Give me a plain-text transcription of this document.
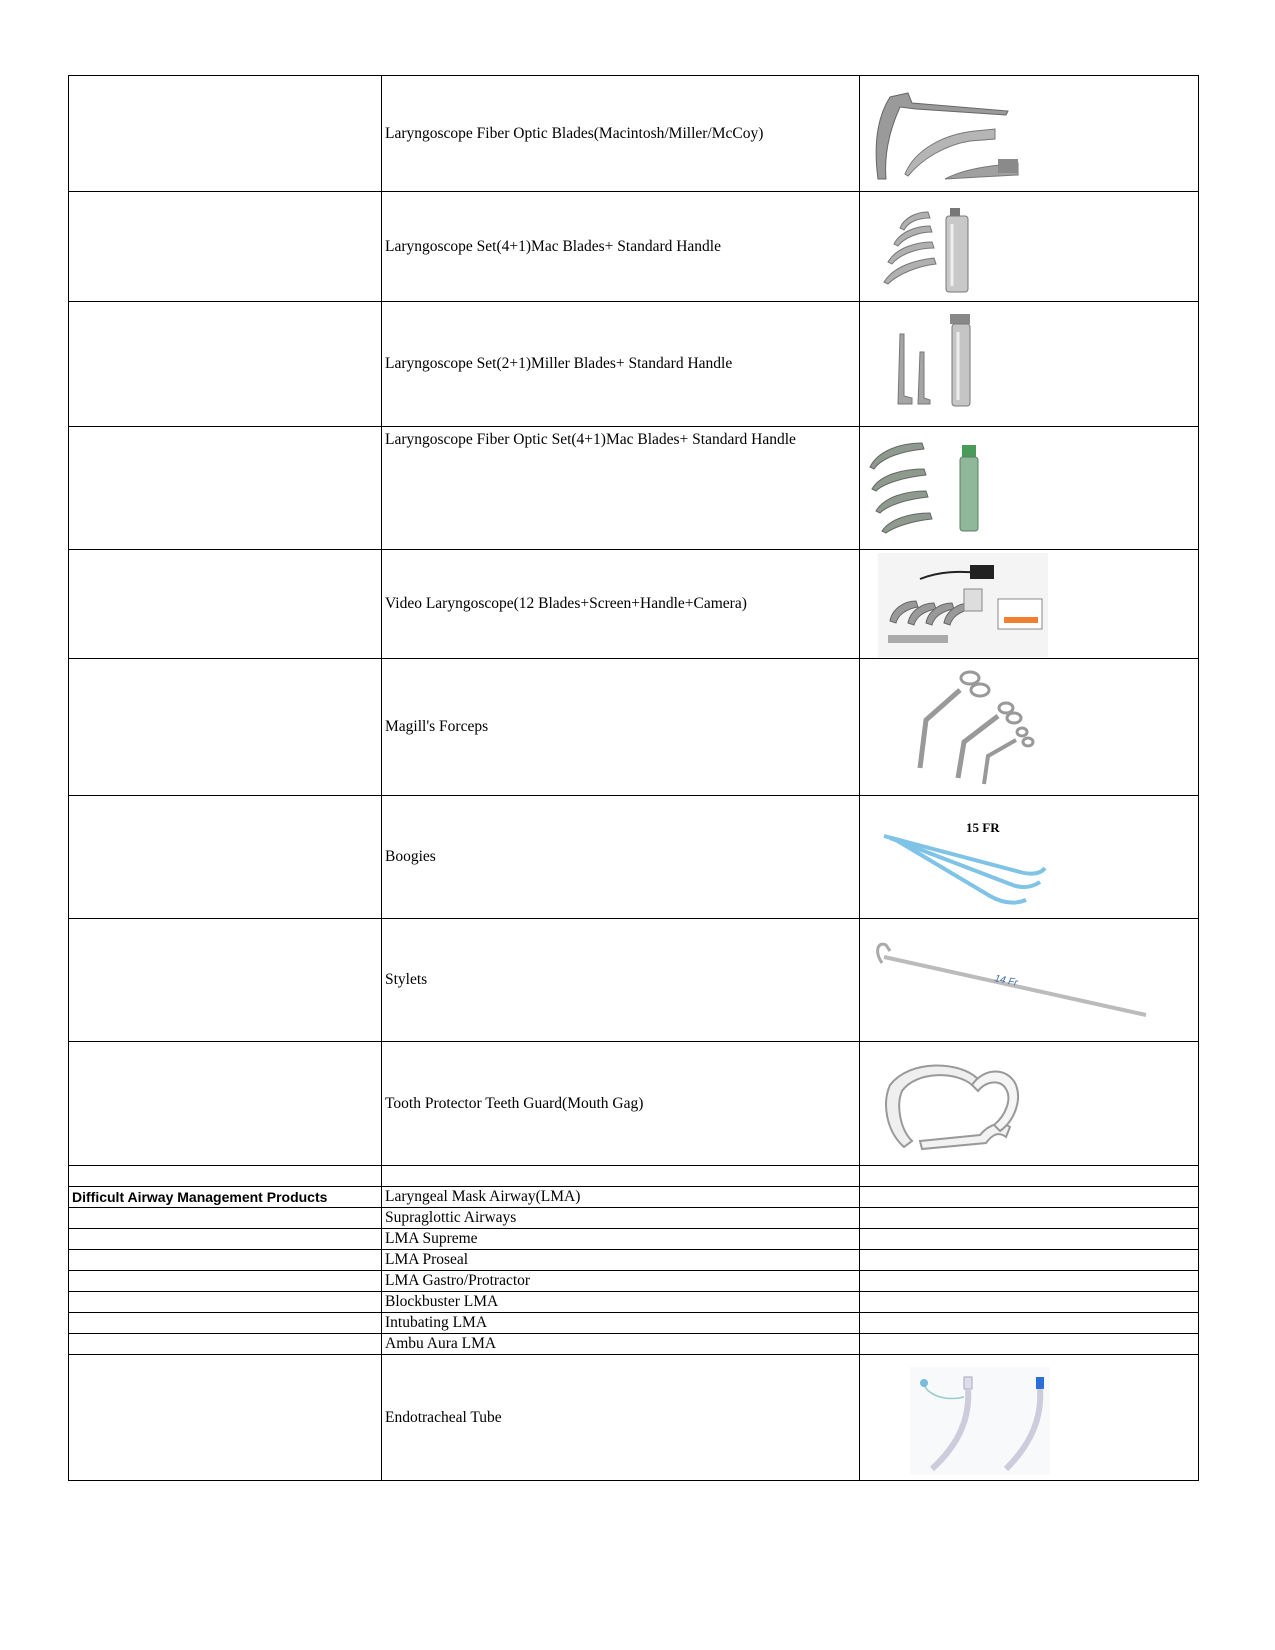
	Laryngoscope Fiber Optic Blades(Macintosh/Miller/McCoy)	

	Laryngoscope Set(4+1)Mac Blades+ Standard Handle	

	Laryngoscope Set(2+1)Miller Blades+ Standard Handle	

	Laryngoscope Fiber Optic Set(4+1)Mac Blades+ Standard Handle	

	Video Laryngoscope(12 Blades+Screen+Handle+Camera)	

	Magill's Forceps	

	Boogies	15 FR

	Stylets	14 Fr

	Tooth Protector Teeth Guard(Mouth Gag)	

Difficult Airway Management Products	Laryngeal Mask Airway(LMA)	
	Supraglottic Airways	
	LMA Supreme	
	LMA Proseal	
	LMA Gastro/Protractor	
	Blockbuster LMA	
	Intubating LMA	
	Ambu Aura LMA	
	Endotracheal Tube	
